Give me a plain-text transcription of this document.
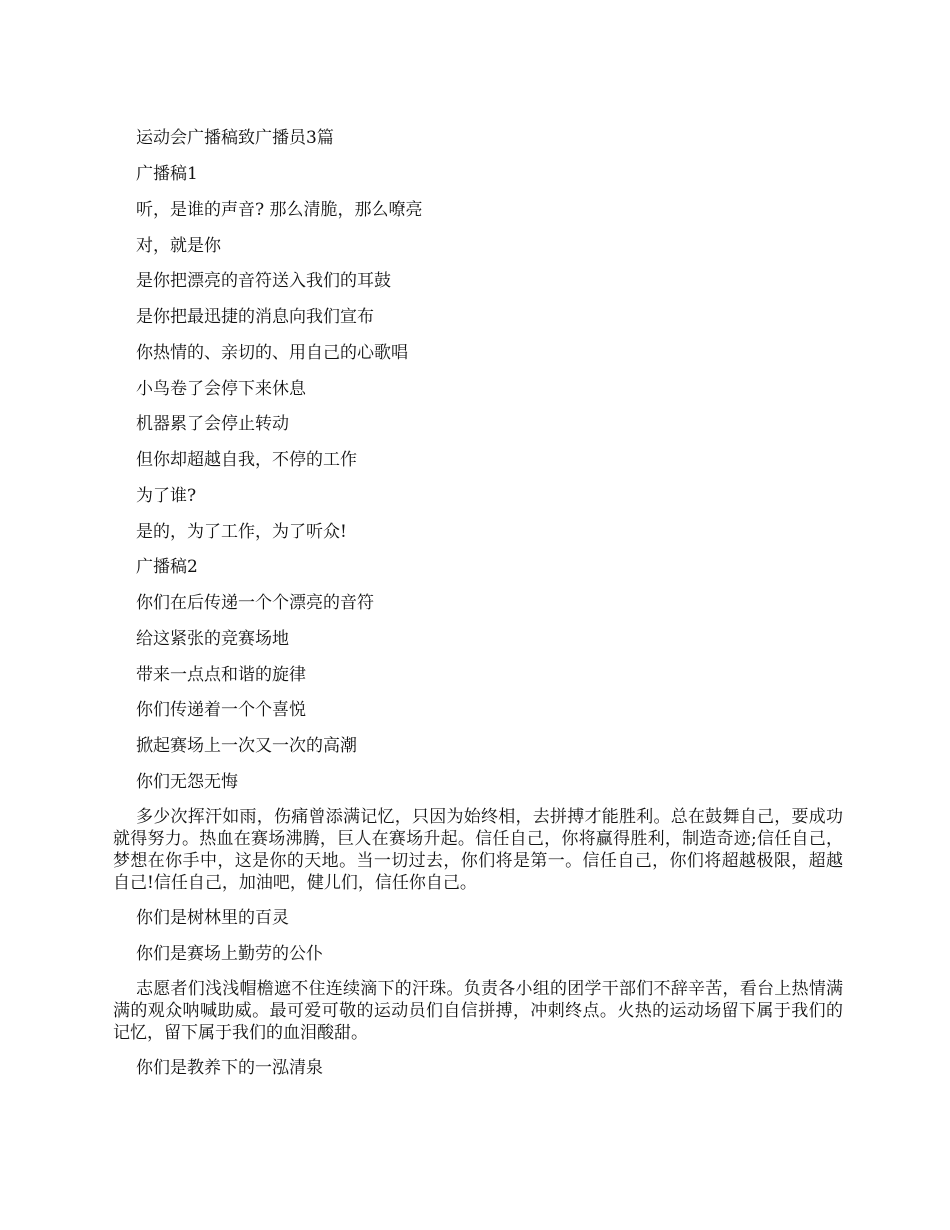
运动会广播稿致广播员3篇
广播稿1
听，是谁的声音? 那么清脆，那么嘹亮
对，就是你
是你把漂亮的音符送入我们的耳鼓
是你把最迅捷的消息向我们宣布
你热情的、亲切的、用自己的心歌唱
小鸟卷了会停下来休息
机器累了会停止转动
但你却超越自我，不停的工作
为了谁?
是的，为了工作，为了听众!
广播稿2
你们在后传递一个个漂亮的音符
给这紧张的竞赛场地
带来一点点和谐的旋律
你们传递着一个个喜悦
掀起赛场上一次又一次的高潮
你们无怨无悔
多少次挥汗如雨，伤痛曾添满记忆，只因为始终相，去拼搏才能胜利。总在鼓舞自己，要成功就得努力。热血在赛场沸腾，巨人在赛场升起。信任自己，你将赢得胜利，制造奇迹;信任自己，梦想在你手中，这是你的天地。当一切过去，你们将是第一。信任自己，你们将超越极限，超越自己!信任自己，加油吧，健儿们，信任你自己。
你们是树林里的百灵
你们是赛场上勤劳的公仆
志愿者们浅浅帽檐遮不住连续滴下的汗珠。负责各小组的团学干部们不辞辛苦，看台上热情满满的观众呐喊助威。最可爱可敬的运动员们自信拼搏，冲刺终点。火热的运动场留下属于我们的记忆，留下属于我们的血泪酸甜。
你们是教养下的一泓清泉
